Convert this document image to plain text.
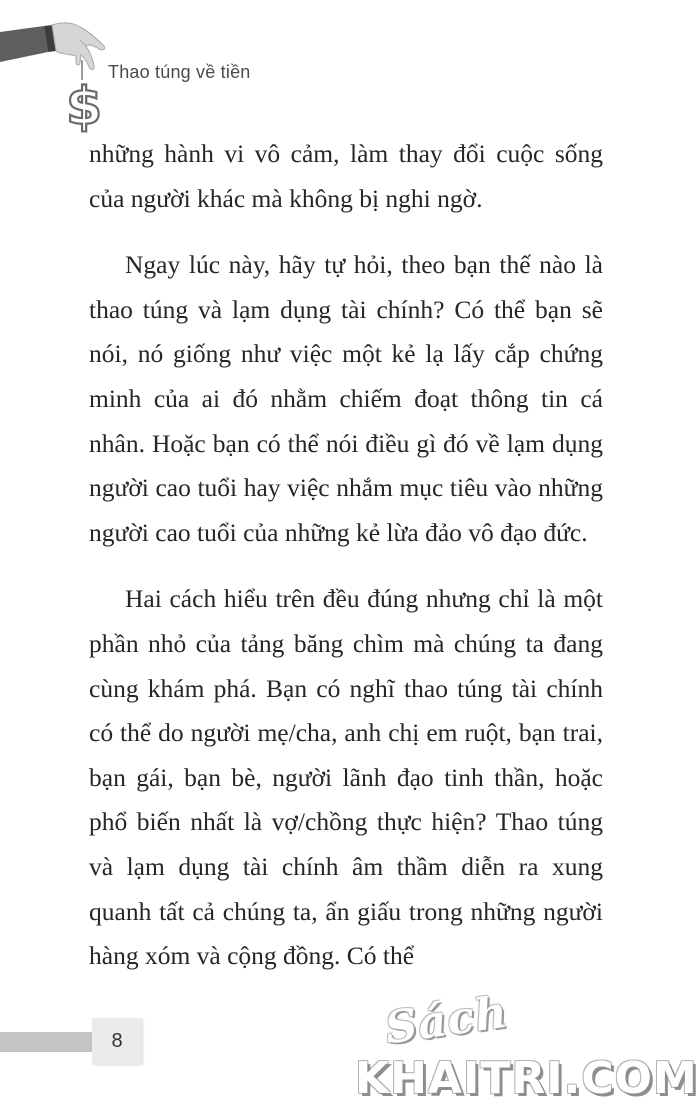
$
Thao túng về tiền

những hành vi vô cảm, làm thay đổi cuộc sống của người khác mà không bị nghi ngờ.

Ngay lúc này, hãy tự hỏi, theo bạn thế nào là thao túng và lạm dụng tài chính? Có thể bạn sẽ nói, nó giống như việc một kẻ lạ lấy cắp chứng minh của ai đó nhằm chiếm đoạt thông tin cá nhân. Hoặc bạn có thể nói điều gì đó về lạm dụng người cao tuổi hay việc nhắm mục tiêu vào những người cao tuổi của những kẻ lừa đảo vô đạo đức.

Hai cách hiểu trên đều đúng nhưng chỉ là một phần nhỏ của tảng băng chìm mà chúng ta đang cùng khám phá. Bạn có nghĩ thao túng tài chính có thể do người mẹ/cha, anh chị em ruột, bạn trai, bạn gái, bạn bè, người lãnh đạo tinh thần, hoặc phổ biến nhất là vợ/chồng thực hiện? Thao túng và lạm dụng tài chính âm thầm diễn ra xung quanh tất cả chúng ta, ẩn giấu trong những người hàng xóm và cộng đồng. Có thể

8	Sách
KHAITRI.COM
